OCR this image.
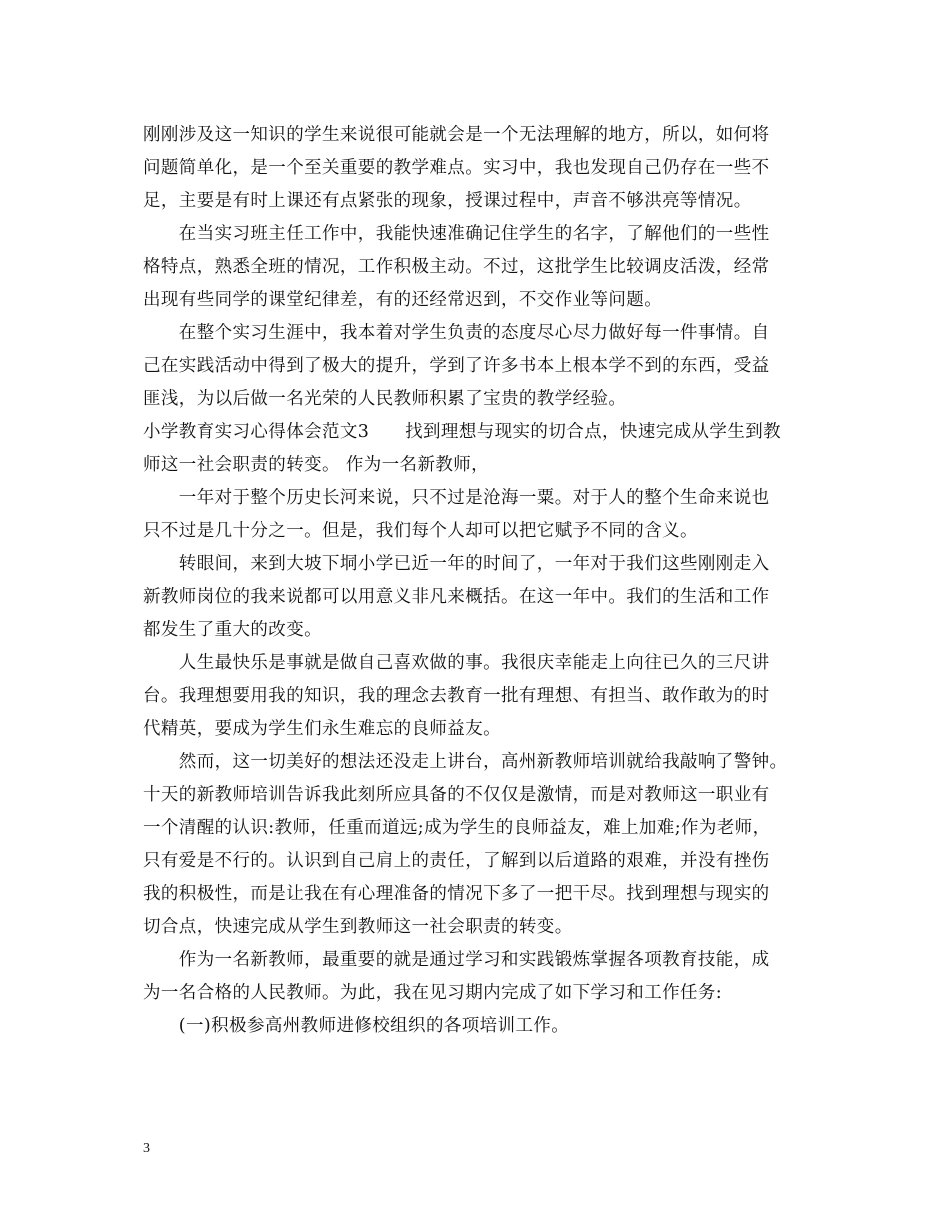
刚刚涉及这一知识的学生来说很可能就会是一个无法理解的地方，所以，如何将
问题简单化，是一个至关重要的教学难点。实习中，我也发现自己仍存在一些不
足，主要是有时上课还有点紧张的现象，授课过程中，声音不够洪亮等情况。
　　在当实习班主任工作中，我能快速准确记住学生的名字，了解他们的一些性
格特点，熟悉全班的情况，工作积极主动。不过，这批学生比较调皮活泼，经常
出现有些同学的课堂纪律差，有的还经常迟到，不交作业等问题。
　　在整个实习生涯中，我本着对学生负责的态度尽心尽力做好每一件事情。自
己在实践活动中得到了极大的提升，学到了许多书本上根本学不到的东西，受益
匪浅，为以后做一名光荣的人民教师积累了宝贵的教学经验。
小学教育实习心得体会范文3　　找到理想与现实的切合点，快速完成从学生到教
师这一社会职责的转变。 作为一名新教师，
　　一年对于整个历史长河来说，只不过是沧海一粟。对于人的整个生命来说也
只不过是几十分之一。但是，我们每个人却可以把它赋予不同的含义。
　　转眼间，来到大坡下垌小学已近一年的时间了，一年对于我们这些刚刚走入
新教师岗位的我来说都可以用意义非凡来概括。在这一年中。我们的生活和工作
都发生了重大的改变。
　　人生最快乐是事就是做自己喜欢做的事。我很庆幸能走上向往已久的三尺讲
台。我理想要用我的知识，我的理念去教育一批有理想、有担当、敢作敢为的时
代精英，要成为学生们永生难忘的良师益友。
　　然而，这一切美好的想法还没走上讲台，高州新教师培训就给我敲响了警钟。
十天的新教师培训告诉我此刻所应具备的不仅仅是激情，而是对教师这一职业有
一个清醒的认识:教师，任重而道远;成为学生的良师益友，难上加难;作为老师，
只有爱是不行的。认识到自己肩上的责任，了解到以后道路的艰难，并没有挫伤
我的积极性，而是让我在有心理准备的情况下多了一把干尽。找到理想与现实的
切合点，快速完成从学生到教师这一社会职责的转变。
　　作为一名新教师，最重要的就是通过学习和实践锻炼掌握各项教育技能，成
为一名合格的人民教师。为此，我在见习期内完成了如下学习和工作任务:
　　(一)积极参高州教师进修校组织的各项培训工作。
3
